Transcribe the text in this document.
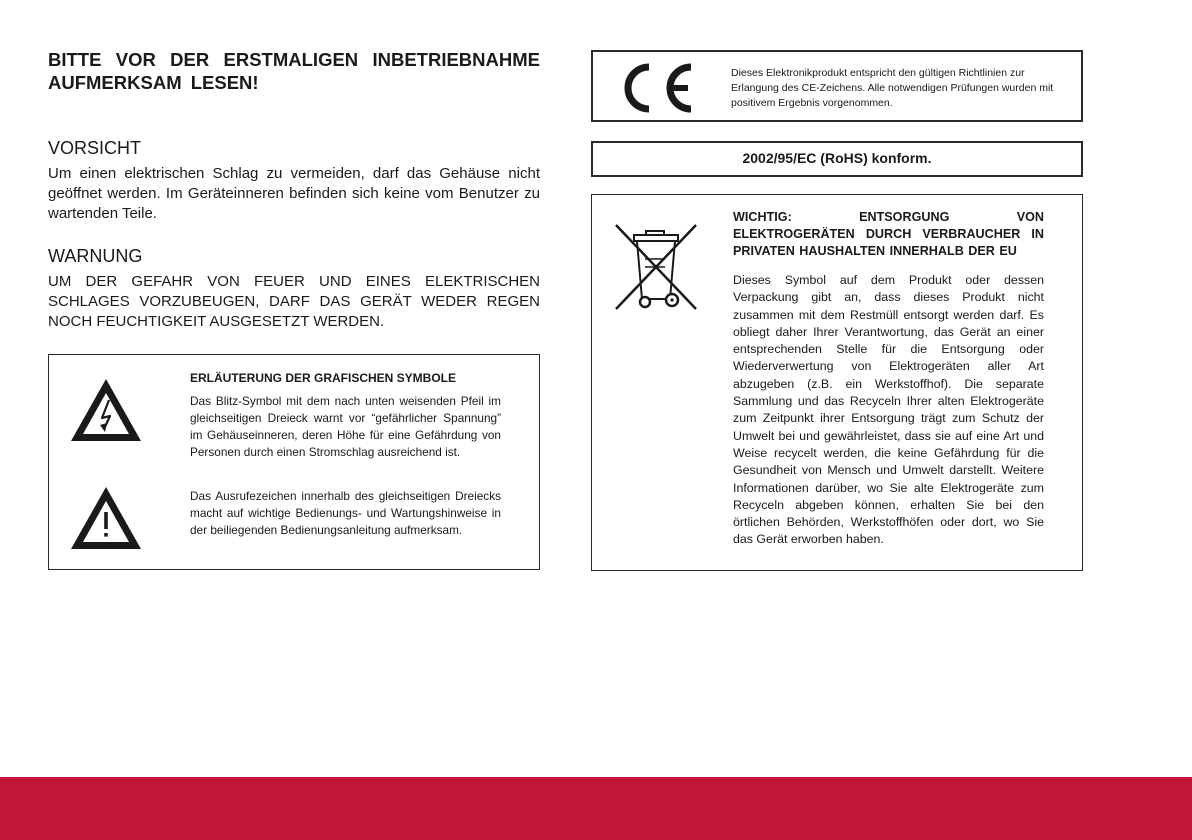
BITTE VOR DER ERSTMALIGEN INBETRIEBNAHME AUFMERKSAM LESEN!
VORSICHT

Um einen elektrischen Schlag zu vermeiden, darf das Gehäuse nicht geöffnet werden. Im Geräteinneren befinden sich keine vom Benutzer zu wartenden Teile.

WARNUNG

UM DER GEFAHR VON FEUER UND EINES ELEKTRISCHEN SCHLAGES VORZUBEUGEN, DARF DAS GERÄT WEDER REGEN NOCH FEUCHTIGKEIT AUSGESETZT WERDEN.

ERLÄUTERUNG DER GRAFISCHEN SYMBOLE

Das Blitz-Symbol mit dem nach unten weisenden Pfeil im gleichseitigen Dreieck warnt vor “gefährlicher Spannung” im Gehäuseinneren, deren Höhe für eine Gefährdung von Personen durch einen Stromschlag ausreichend ist.

Das Ausrufezeichen innerhalb des gleichseitigen Dreiecks macht auf wichtige Bedienungs- und Wartungshinweise in der beiliegenden Bedienungsanleitung aufmerksam.

Dieses Elektronikprodukt entspricht den gültigen Richtlinien zur Erlangung des CE-Zeichens. Alle notwendigen Prüfungen wurden mit positivem Ergebnis vorgenommen.

2002/95/EC (RoHS) konform.

WICHTIG: ENTSORGUNG VON ELEKTROGERÄTEN DURCH VERBRAUCHER IN PRIVATEN HAUSHALTEN INNERHALB DER EU

Dieses Symbol auf dem Produkt oder dessen Verpackung gibt an, dass dieses Produkt nicht zusammen mit dem Restmüll entsorgt werden darf. Es obliegt daher Ihrer Verantwortung, das Gerät an einer entsprechenden Stelle für die Entsorgung oder Wiederverwertung von Elektrogeräten aller Art abzugeben (z.B. ein Werkstoffhof). Die separate Sammlung und das Recyceln Ihrer alten Elektrogeräte zum Zeitpunkt ihrer Entsorgung trägt zum Schutz der Umwelt bei und gewährleistet, dass sie auf eine Art und Weise recycelt werden, die keine Gefährdung für die Gesundheit von Mensch und Umwelt darstellt. Weitere Informationen darüber, wo Sie alte Elektrogeräte zum Recyceln abgeben können, erhalten Sie bei den örtlichen Behörden, Werkstoffhöfen oder dort, wo Sie das Gerät erworben haben.
